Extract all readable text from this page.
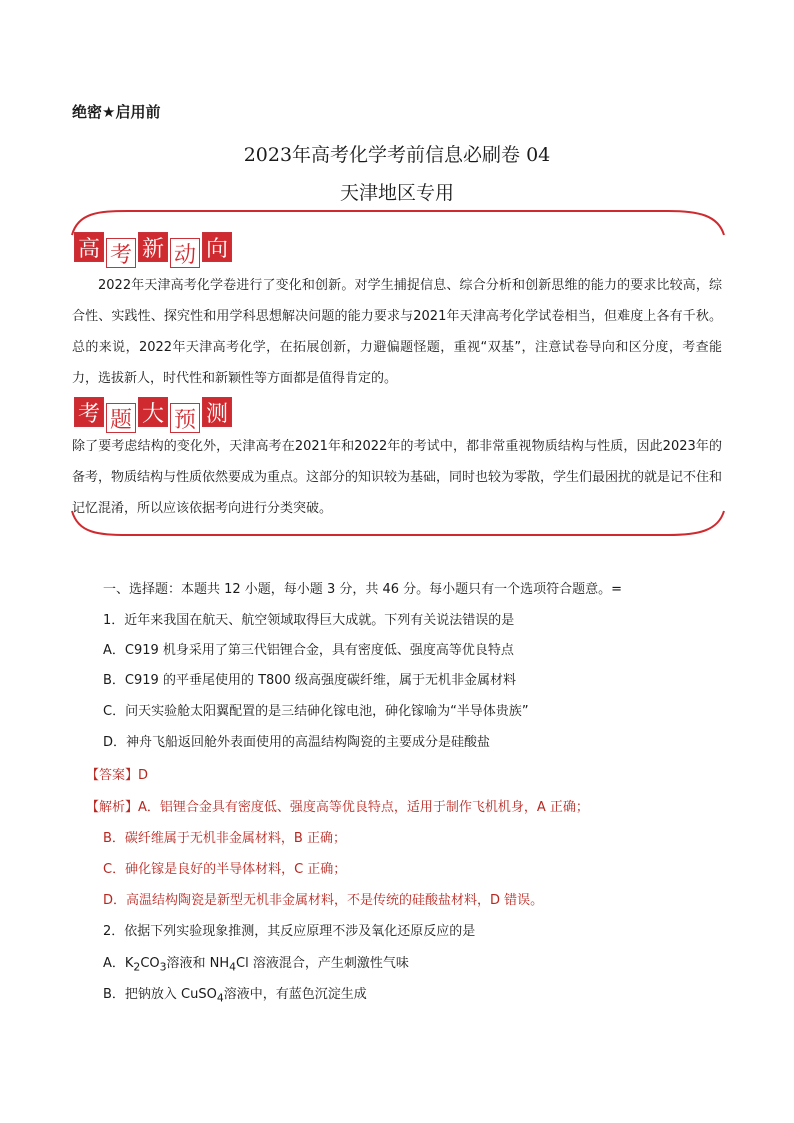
绝密★启用前
2023年高考化学考前信息必刷卷 04
天津地区专用
高 考 新 动 向
2022年天津高考化学卷进行了变化和创新。对学生捕捉信息、综合分析和创新思维的能力的要求比较高，综合性、实践性、探究性和用学科思想解决问题的能力要求与2021年天津高考化学试卷相当，但难度上各有千秋。总的来说，2022年天津高考化学，在拓展创新，力避偏题怪题，重视“双基”，注意试卷导向和区分度，考查能力，选拔新人，时代性和新颖性等方面都是值得肯定的。
考 题 大 预 测
除了要考虑结构的变化外，天津高考在2021年和2022年的考试中，都非常重视物质结构与性质，因此2023年的备考，物质结构与性质依然要成为重点。这部分的知识较为基础，同时也较为零散，学生们最困扰的就是记不住和记忆混淆，所以应该依据考向进行分类突破。
一、选择题：本题共 12 小题，每小题 3 分，共 46 分。每小题只有一个选项符合题意。=
1．近年来我国在航天、航空领域取得巨大成就。下列有关说法错误的是
A．C919 机身采用了第三代铝锂合金，具有密度低、强度高等优良特点
B．C919 的平垂尾使用的 T800 级高强度碳纤维，属于无机非金属材料
C．问天实验舱太阳翼配置的是三结砷化镓电池，砷化镓喻为“半导体贵族”
D．神舟飞船返回舱外表面使用的高温结构陶瓷的主要成分是硅酸盐
【答案】D
【解析】A．铝锂合金具有密度低、强度高等优良特点，适用于制作飞机机身，A 正确；
B．碳纤维属于无机非金属材料，B 正确；
C．砷化镓是良好的半导体材料，C 正确；
D．高温结构陶瓷是新型无机非金属材料，不是传统的硅酸盐材料，D 错误。
2．依据下列实验现象推测，其反应原理不涉及氧化还原反应的是
A．$K_2CO_3$溶液和 $NH_4Cl$ 溶液混合，产生刺激性气味
B．把钠放入 CuSO$_4$溶液中，有蓝色沉淀生成
